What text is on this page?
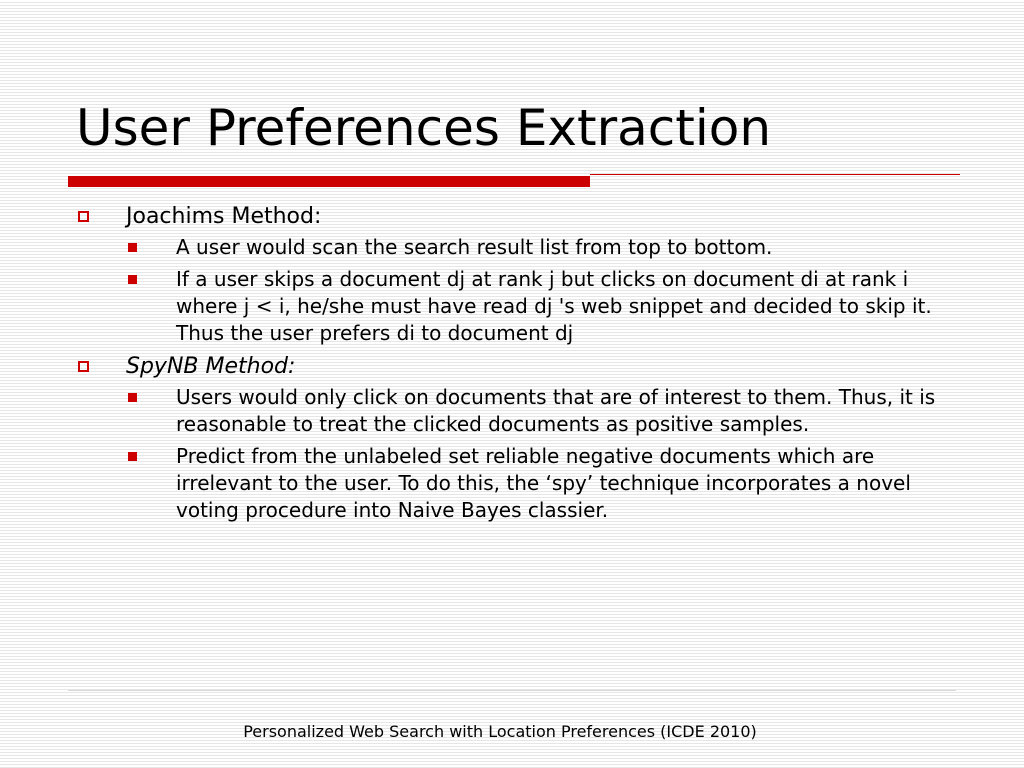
User Preferences Extraction
Joachims Method:
A user would scan the search result list from top to bottom.
If a user skips a document dj at rank j but clicks on document di at rank i where j < i, he/she must have read dj 's web snippet and decided to skip it. Thus the user prefers di to document dj
SpyNB Method:
Users would only click on documents that are of interest to them. Thus, it is reasonable to treat the clicked documents as positive samples.
Predict from the unlabeled set reliable negative documents which are irrelevant to the user. To do this, the ‘spy’ technique incorporates a novel voting procedure into Naive Bayes classier.
Personalized Web Search with Location Preferences (ICDE 2010)
